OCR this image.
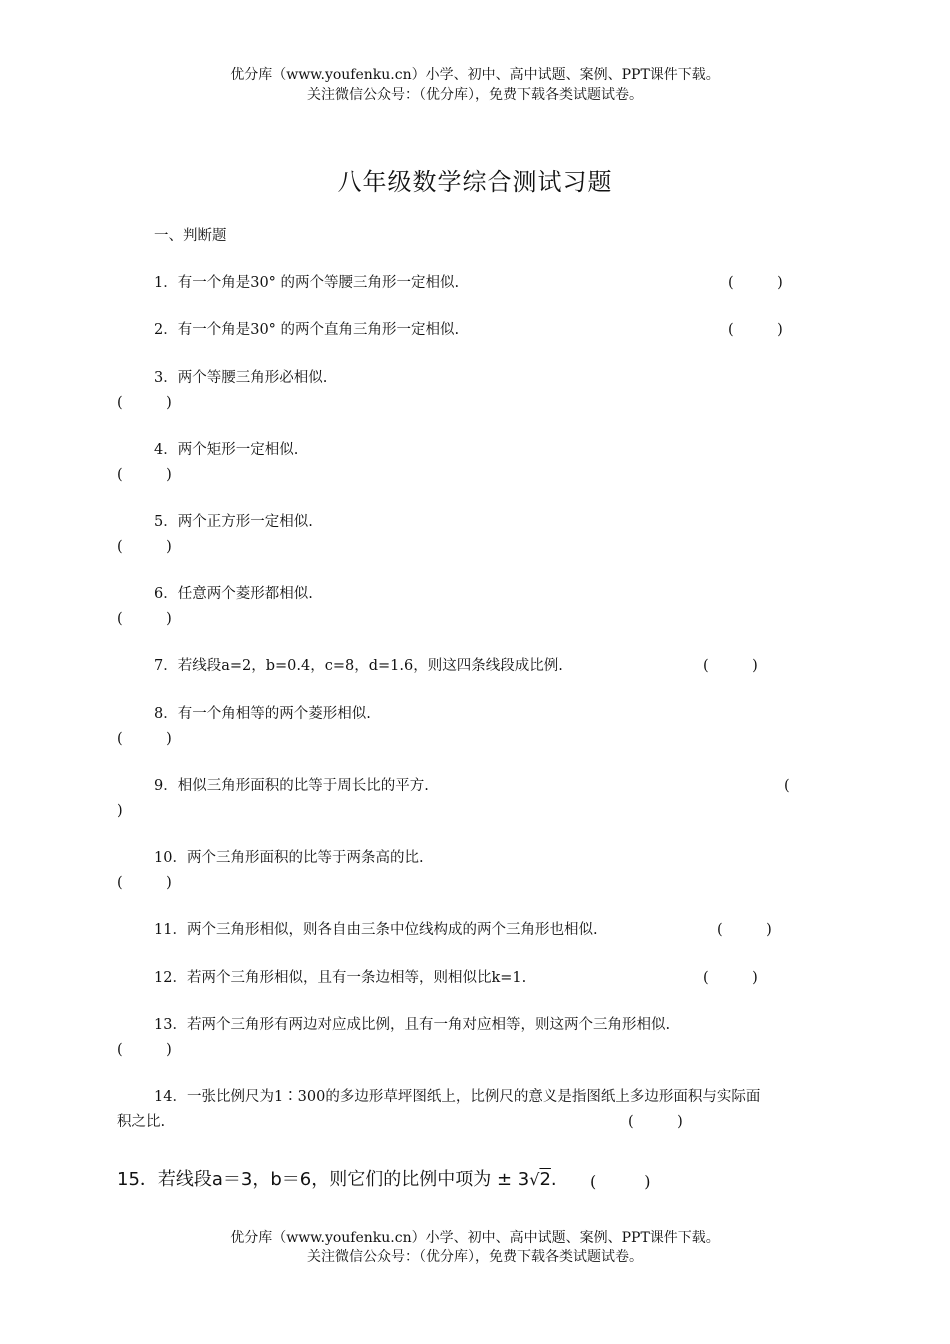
优分库（www.youfenku.cn）小学、初中、高中试题、案例、PPT课件下载。
关注微信公众号：（优分库），免费下载各类试题试卷。
八年级数学综合测试习题
一、判断题
1．有一个角是30° 的两个等腰三角形一定相似.	(　　　)
2．有一个角是30° 的两个直角三角形一定相似.	(　　　)
3．两个等腰三角形必相似.
(　　　)
4．两个矩形一定相似.
(　　　)
5．两个正方形一定相似.
(　　　)
6．任意两个菱形都相似.
(　　　)
7．若线段a=2，b=0.4，c=8，d=1.6，则这四条线段成比例.	(　　　)
8．有一个角相等的两个菱形相似.
(　　　)
9．相似三角形面积的比等于周长比的平方.	(
)
10．两个三角形面积的比等于两条高的比.
(　　　)
11．两个三角形相似，则各自由三条中位线构成的两个三角形也相似.	(　　　)
12．若两个三角形相似，且有一条边相等，则相似比k=1.	(　　　)
13．若两个三角形有两边对应成比例，且有一角对应相等，则这两个三角形相似.
(　　　)
14．一张比例尺为1∶300的多边形草坪图纸上，比例尺的意义是指图纸上多边形面积与实际面
积之比.	(　　　)
15．若线段a＝3，b＝6，则它们的比例中项为 ± 3√2. (　　　)
优分库（www.youfenku.cn）小学、初中、高中试题、案例、PPT课件下载。
关注微信公众号：（优分库），免费下载各类试题试卷。
